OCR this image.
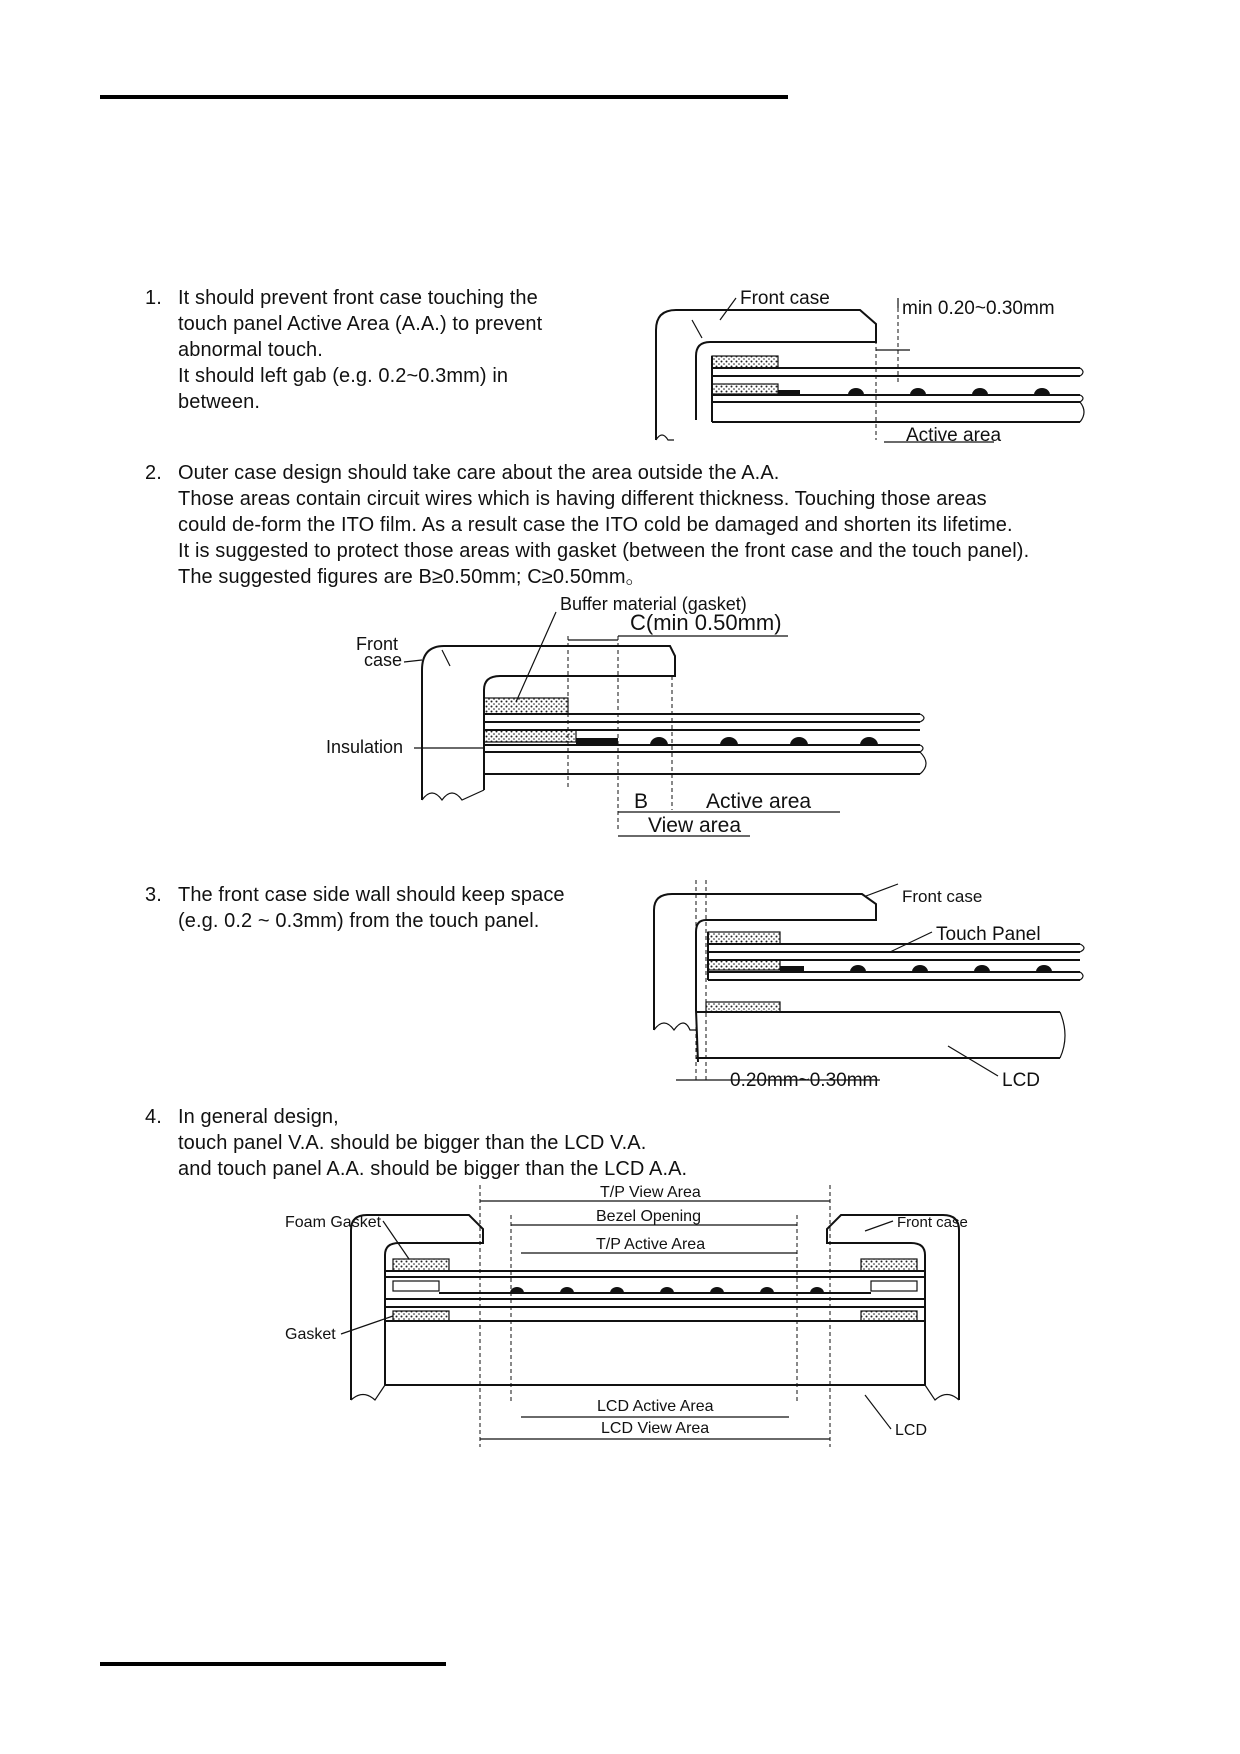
1. It should prevent front case touching the
touch panel Active Area (A.A.) to prevent
abnormal touch.
It should left gab (e.g. 0.2~0.3mm) in
between.
Front case	min 0.20~0.30mm
Active area
2. Outer case design should take care about the area outside the A.A.
Those areas contain circuit wires which is having different thickness. Touching those areas
could de-form the ITO film. As a result case the ITO cold be damaged and shorten its lifetime.
It is suggested to protect those areas with gasket (between the front case and the touch panel).
The suggested figures are B≥0.50mm; C≥0.50mm。
Buffer material (gasket)
C(min 0.50mm)
Front
case
Insulation
B	Active area
View area
3. The front case side wall should keep space
(e.g. 0.2 ~ 0.3mm) from the touch panel.
Front case
Touch Panel
LCD
0.20mm~0.30mm
4. In general design,
touch panel V.A. should be bigger than the LCD V.A.
and touch panel A.A. should be bigger than the LCD A.A.
T/P View Area
Bezel Opening
T/P Active Area
Foam Gasket	Front case
Gasket
LCD Active Area
LCD View Area	LCD
